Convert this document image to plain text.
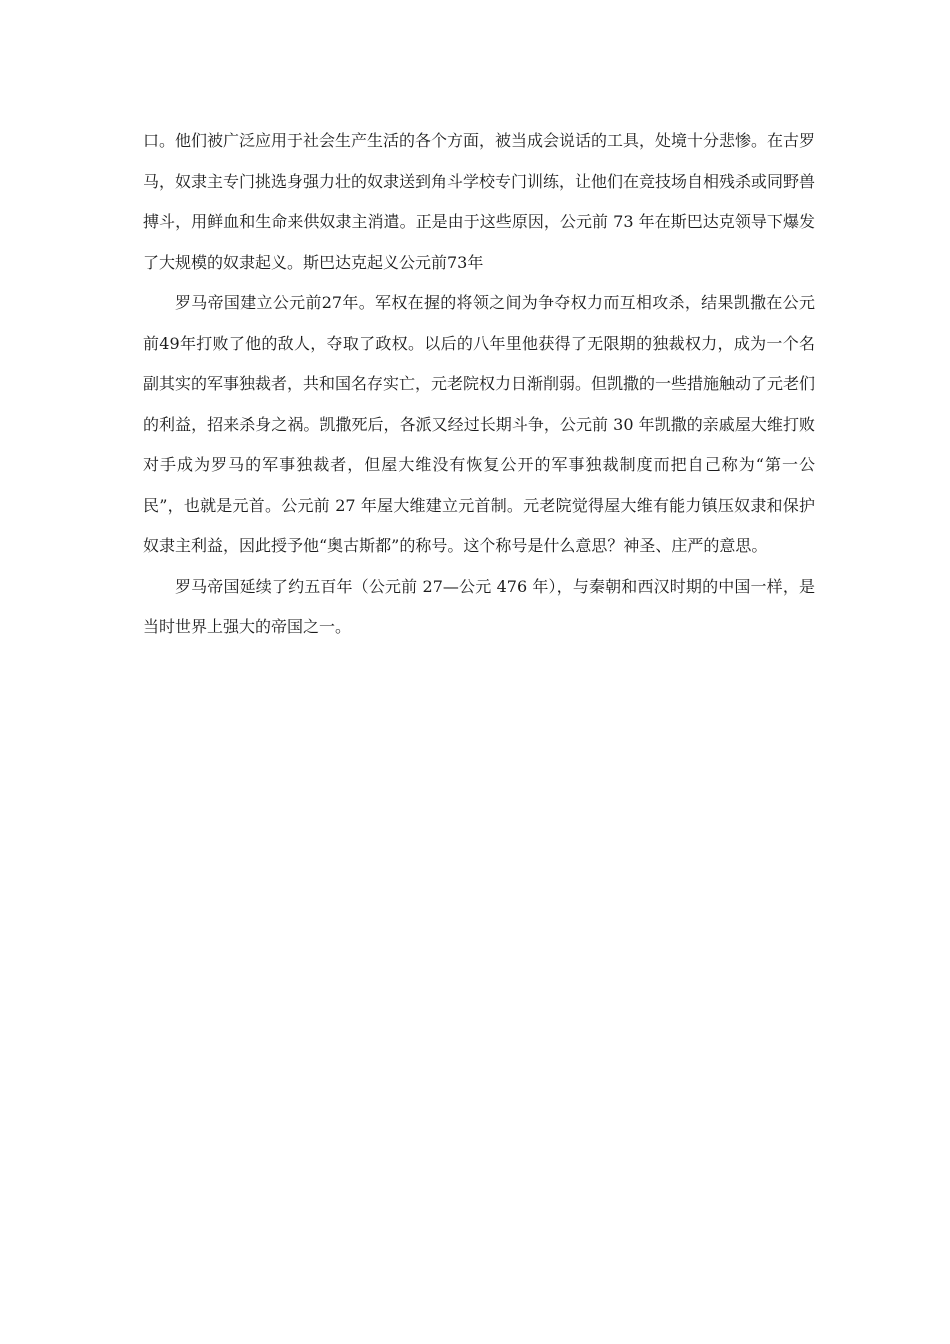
口。他们被广泛应用于社会生产生活的各个方面，被当成会说话的工具，处境十分悲惨。在古罗马，奴隶主专门挑选身强力壮的奴隶送到角斗学校专门训练，让他们在竞技场自相残杀或同野兽搏斗，用鲜血和生命来供奴隶主消遣。正是由于这些原因，公元前 73 年在斯巴达克领导下爆发了大规模的奴隶起义。斯巴达克起义公元前73年

罗马帝国建立公元前27年。军权在握的将领之间为争夺权力而互相攻杀，结果凯撒在公元前49年打败了他的敌人，夺取了政权。以后的八年里他获得了无限期的独裁权力，成为一个名副其实的军事独裁者，共和国名存实亡，元老院权力日渐削弱。但凯撒的一些措施触动了元老们的利益，招来杀身之祸。凯撒死后，各派又经过长期斗争，公元前 30 年凯撒的亲戚屋大维打败对手成为罗马的军事独裁者，但屋大维没有恢复公开的军事独裁制度而把自己称为“第一公民”，也就是元首。公元前 27 年屋大维建立元首制。元老院觉得屋大维有能力镇压奴隶和保护奴隶主利益，因此授予他“奥古斯都”的称号。这个称号是什么意思？神圣、庄严的意思。

罗马帝国延续了约五百年（公元前 27—公元 476 年），与秦朝和西汉时期的中国一样，是当时世界上强大的帝国之一。
